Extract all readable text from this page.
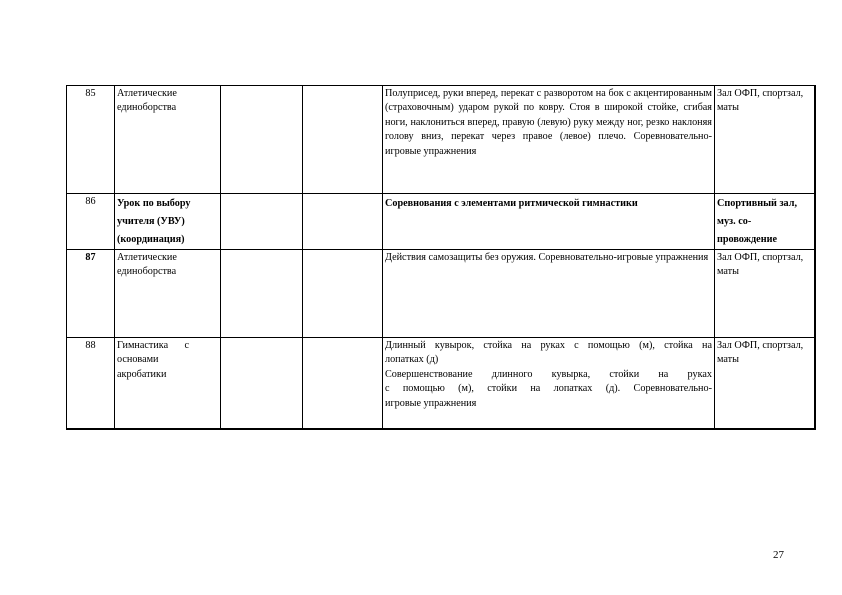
85	Атлетические единоборства			Полуприсед, руки вперед, перекат с разворотом на бок с акцентированным (страховочным) ударом рукой по ковру. Стоя в широкой стойке, сгибая ноги, наклониться вперед, правую (левую) руку между ног, резко наклоняя голову вниз, перекат через правое (левое) плечо. Соревновательно-игровые упражнения	Зал ОФП, спортзал, маты
86	Урок по выбору
учителя (УВУ)
(координация)			Соревнования с элементами ритмической гимнастики	Спортивный зал,
муз. со-
провождение

87	Атлетические единоборства			Действия самозащиты без оружия. Соревновательно-игровые упражнения	Зал ОФП, спортзал, маты
88	Гимнастика с
основами
акробатики			Длинный кувырок, стойка на руках с помощью (м), стойка на
лопатках (д)
Совершенствование длинного кувырка, стойки на руках
с помощью (м), стойки на лопатках (д). Соревновательно-
игровые упражнения	Зал ОФП, спортзал, маты
27
